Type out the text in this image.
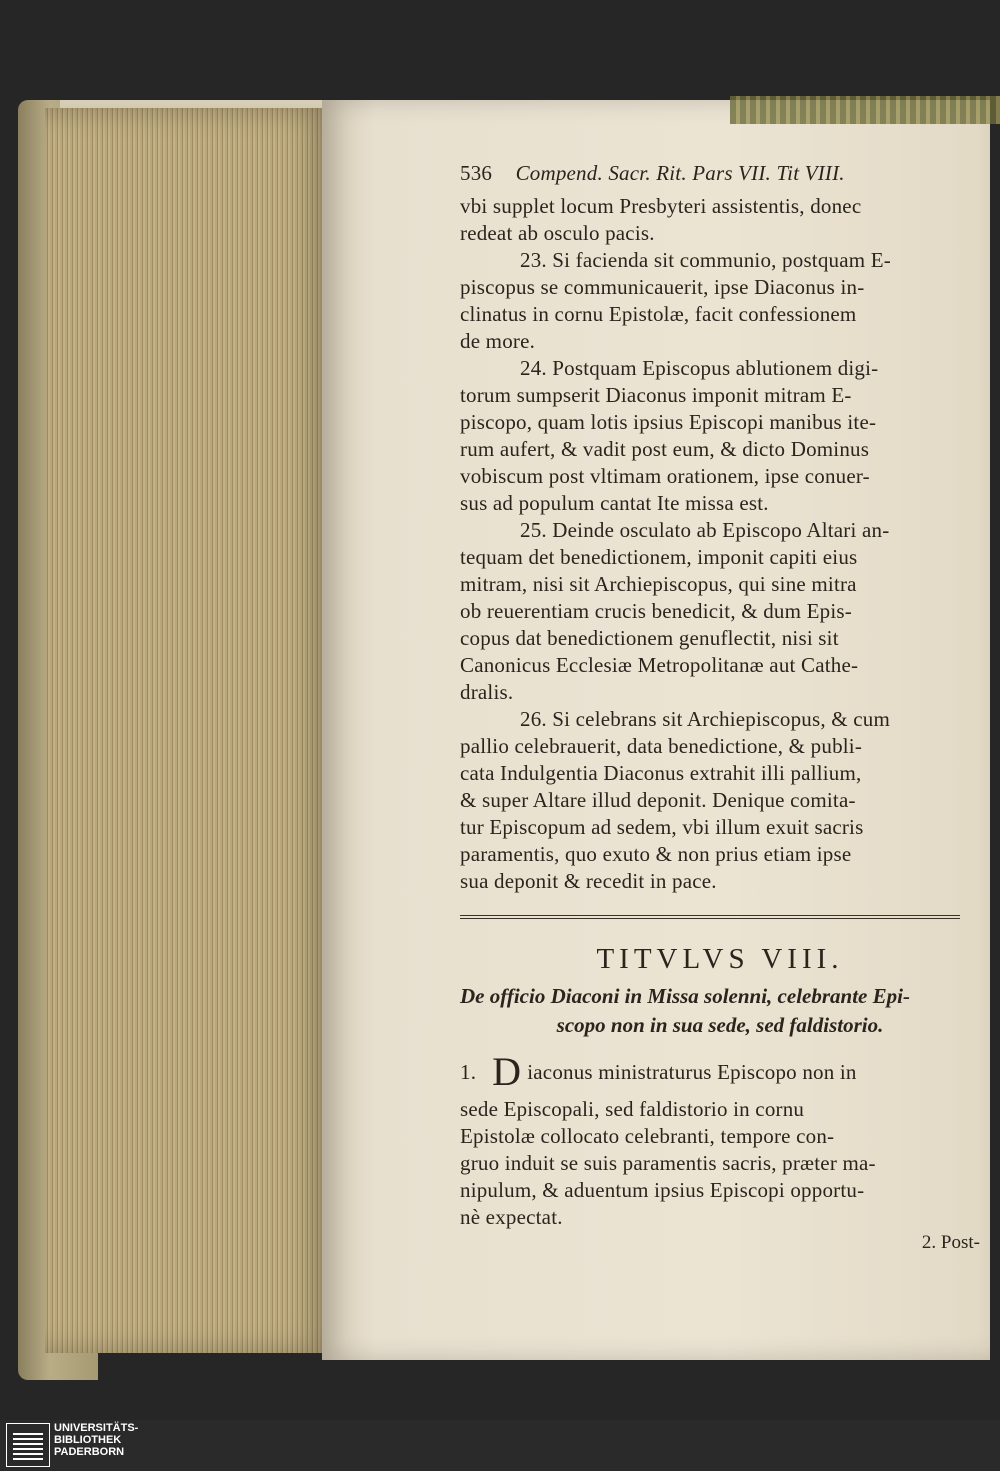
536 Compend. Sacr. Rit. Pars VII. Tit VIII.
vbi supplet locum Presbyteri assistentis, donec
redeat ab osculo pacis.
23. Si facienda sit communio, postquam E-
piscopus se communicauerit, ipse Diaconus in-
clinatus in cornu Epistolæ, facit confessionem
de more.
24. Postquam Episcopus ablutionem digi-
torum sumpserit Diaconus imponit mitram E-
piscopo, quam lotis ipsius Episcopi manibus ite-
rum aufert, & vadit post eum, & dicto Dominus
vobiscum post vltimam orationem, ipse conuer-
sus ad populum cantat Ite missa est.
25. Deinde osculato ab Episcopo Altari an-
tequam det benedictionem, imponit capiti eius
mitram, nisi sit Archiepiscopus, qui sine mitra
ob reuerentiam crucis benedicit, & dum Epis-
copus dat benedictionem genuflectit, nisi sit
Canonicus Ecclesiæ Metropolitanæ aut Cathe-
dralis.
26. Si celebrans sit Archiepiscopus, & cum
pallio celebrauerit, data benedictione, & publi-
cata Indulgentia Diaconus extrahit illi pallium,
& super Altare illud deponit. Denique comita-
tur Episcopum ad sedem, vbi illum exuit sacris
paramentis, quo exuto & non prius etiam ipse
sua deponit & recedit in pace.
TITVLVS VIII.
De officio Diaconi in Missa solenni, celebrante Epi-
scopo non in sua sede, sed faldistorio.
1. D iaconus ministraturus Episcopo non in
sede Episcopali, sed faldistorio in cornu
Epistolæ collocato celebranti, tempore con-
gruo induit se suis paramentis sacris, præter ma-
nipulum, & aduentum ipsius Episcopi opportu-
nè expectat.
2. Post-
UNIVERSITÄTS-
BIBLIOTHEK
PADERBORN
